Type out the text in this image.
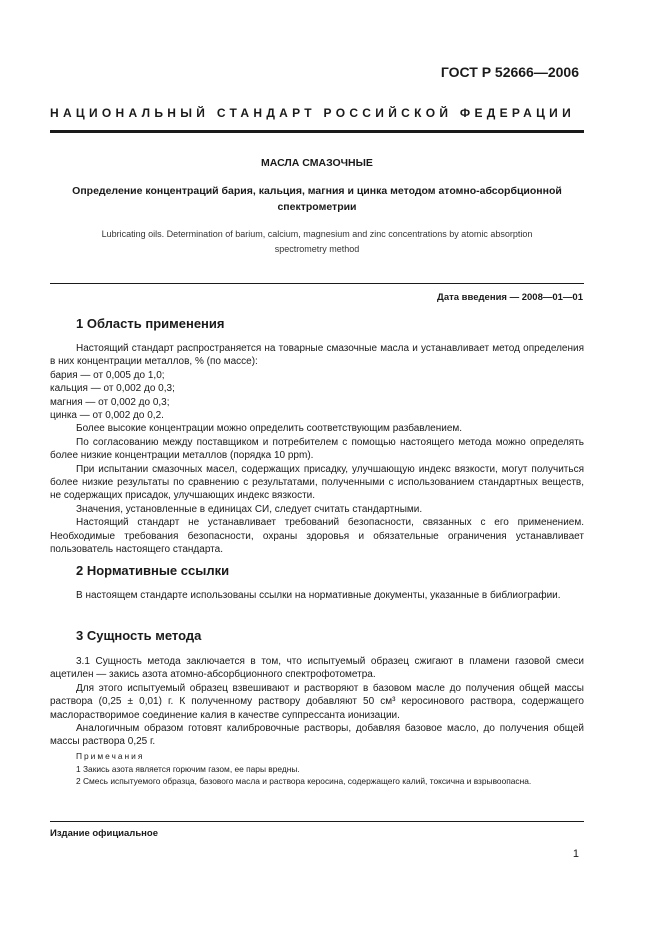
ГОСТ Р 52666—2006
НАЦИОНАЛЬНЫЙ СТАНДАРТ РОССИЙСКОЙ ФЕДЕРАЦИИ
МАСЛА СМАЗОЧНЫЕ
Определение концентраций бария, кальция, магния и цинка методом атомно-абсорбционной
спектрометрии
Lubricating oils. Determination of barium, calcium, magnesium and zinc concentrations by atomic absorption
spectrometry method
Дата введения — 2008—01—01
1 Область применения
Настоящий стандарт распространяется на товарные смазочные масла и устанавливает метод определения в них концентрации металлов, % (по массе):
бария — от 0,005 до 1,0;
кальция — от 0,002 до 0,3;
магния — от 0,002 до 0,3;
цинка — от 0,002 до 0,2.
Более высокие концентрации можно определить соответствующим разбавлением.
По согласованию между поставщиком и потребителем с помощью настоящего метода можно определять более низкие концентрации металлов (порядка 10 ppm).
При испытании смазочных масел, содержащих присадку, улучшающую индекс вязкости, могут получиться более низкие результаты по сравнению с результатами, полученными с использованием стандартных веществ, не содержащих присадок, улучшающих индекс вязкости.
Значения, установленные в единицах СИ, следует считать стандартными.
Настоящий стандарт не устанавливает требований безопасности, связанных с его применением. Необходимые требования безопасности, охраны здоровья и обязательные ограничения устанавливает пользователь настоящего стандарта.
2 Нормативные ссылки
В настоящем стандарте использованы ссылки на нормативные документы, указанные в библиографии.
3 Сущность метода
3.1 Сущность метода заключается в том, что испытуемый образец сжигают в пламени газовой смеси ацетилен — закись азота атомно-абсорбционного спектрофотометра.
Для этого испытуемый образец взвешивают и растворяют в базовом масле до получения общей массы раствора (0,25 ± 0,01) г. К полученному раствору добавляют 50 см³ керосинового раствора, содержащего маслорастворимое соединение калия в качестве суппрессанта ионизации.
Аналогичным образом готовят калибровочные растворы, добавляя базовое масло, до получения общей массы раствора 0,25 г.
Примечания
1 Закись азота является горючим газом, ее пары вредны.
2 Смесь испытуемого образца, базового масла и раствора керосина, содержащего калий, токсична и взрывоопасна.
Издание официальное
1
